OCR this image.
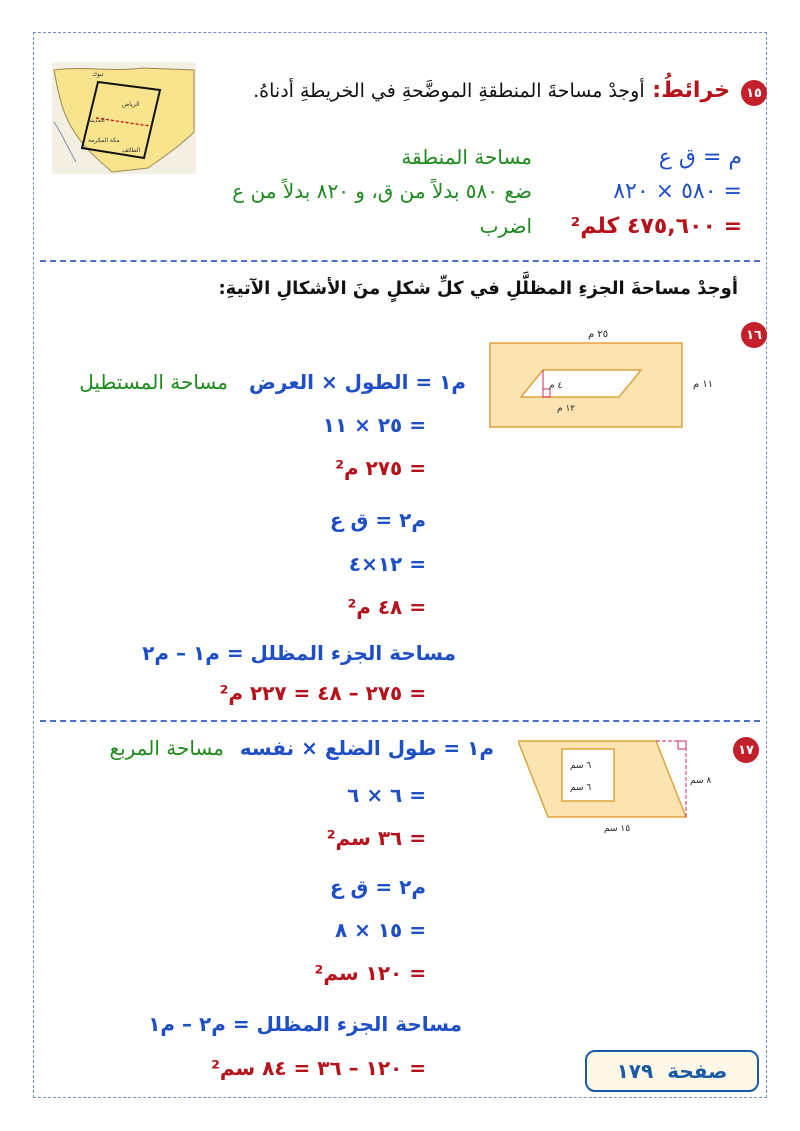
تبوك
الرياض
المدينة
مكة المكرمة
الطائف
١٥
خرائطُ: أوجدْ مساحةَ المنطقةِ الموضَّحةِ في الخريطةِ أدناهُ.
م = ق ع
مساحة المنطقة
= ٥٨٠ × ٨٢٠
ضع ٥٨٠ بدلاً من ق، و ٨٢٠ بدلاً من ع
= ٤٧٥,٦٠٠ كلم²
اضرب
أوجدْ مساحةَ الجزءِ المظلَّلِ في كلِّ شكلٍ منَ الأشكالِ الآتيةِ:
١٦
٢٥ م
٤ م
١٢ م
١١ م
م١ = الطول × العرض
مساحة المستطيل
= ٢٥ × ١١
= ٢٧٥ م²
م٢ = ق ع
= ١٢×٤
= ٤٨ م²
مساحة الجزء المظلل = م١ – م٢
= ٢٧٥ – ٤٨ = ٢٢٧ م²
١٧
٦ سم
٦ سم
٨ سم
١٥ سم
م١ = طول الضلع × نفسه
مساحة المربع
= ٦ × ٦
= ٣٦ سم²
م٢ = ق ع
= ١٥ × ٨
= ١٢٠ سم²
مساحة الجزء المظلل = م٢ – م١
= ١٢٠ – ٣٦ = ٨٤ سم²	صفحة
١٧٩
